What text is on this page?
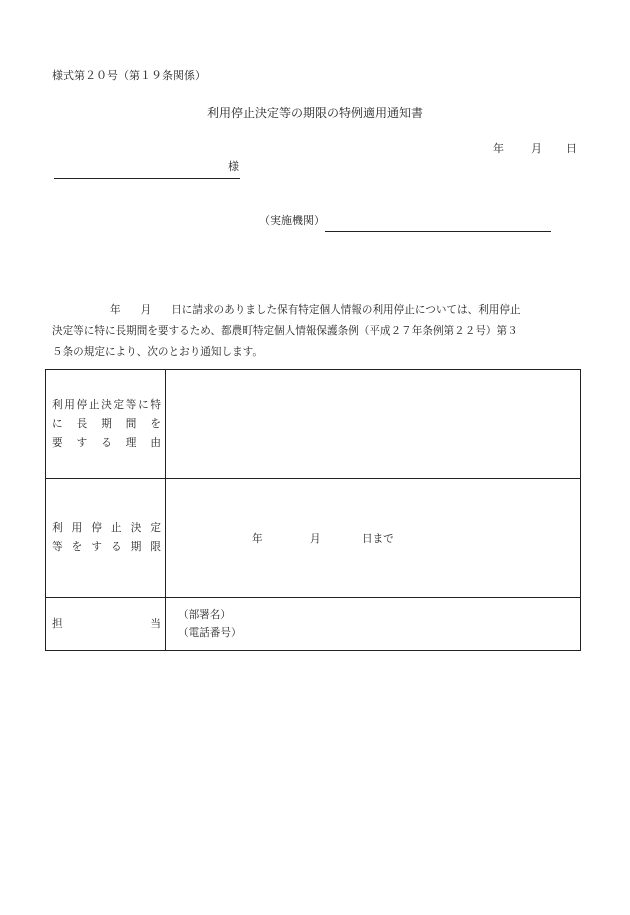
様式第２０号（第１９条関係）
利用停止決定等の期限の特例適用通知書
年 月 日
様
（実施機関）
年 月 日に請求のありました保有特定個人情報の利用停止については、利用停止
決定等に特に長期間を要するため、都農町特定個人情報保護条例（平成２７年条例第２２号）第３
５条の規定により、次のとおり通知します。
利用停止決定等に特
に長期間を
要する理由	

利用停止決定
等をする期限	年 月 日まで

担 当	（部署名）
（電話番号）
